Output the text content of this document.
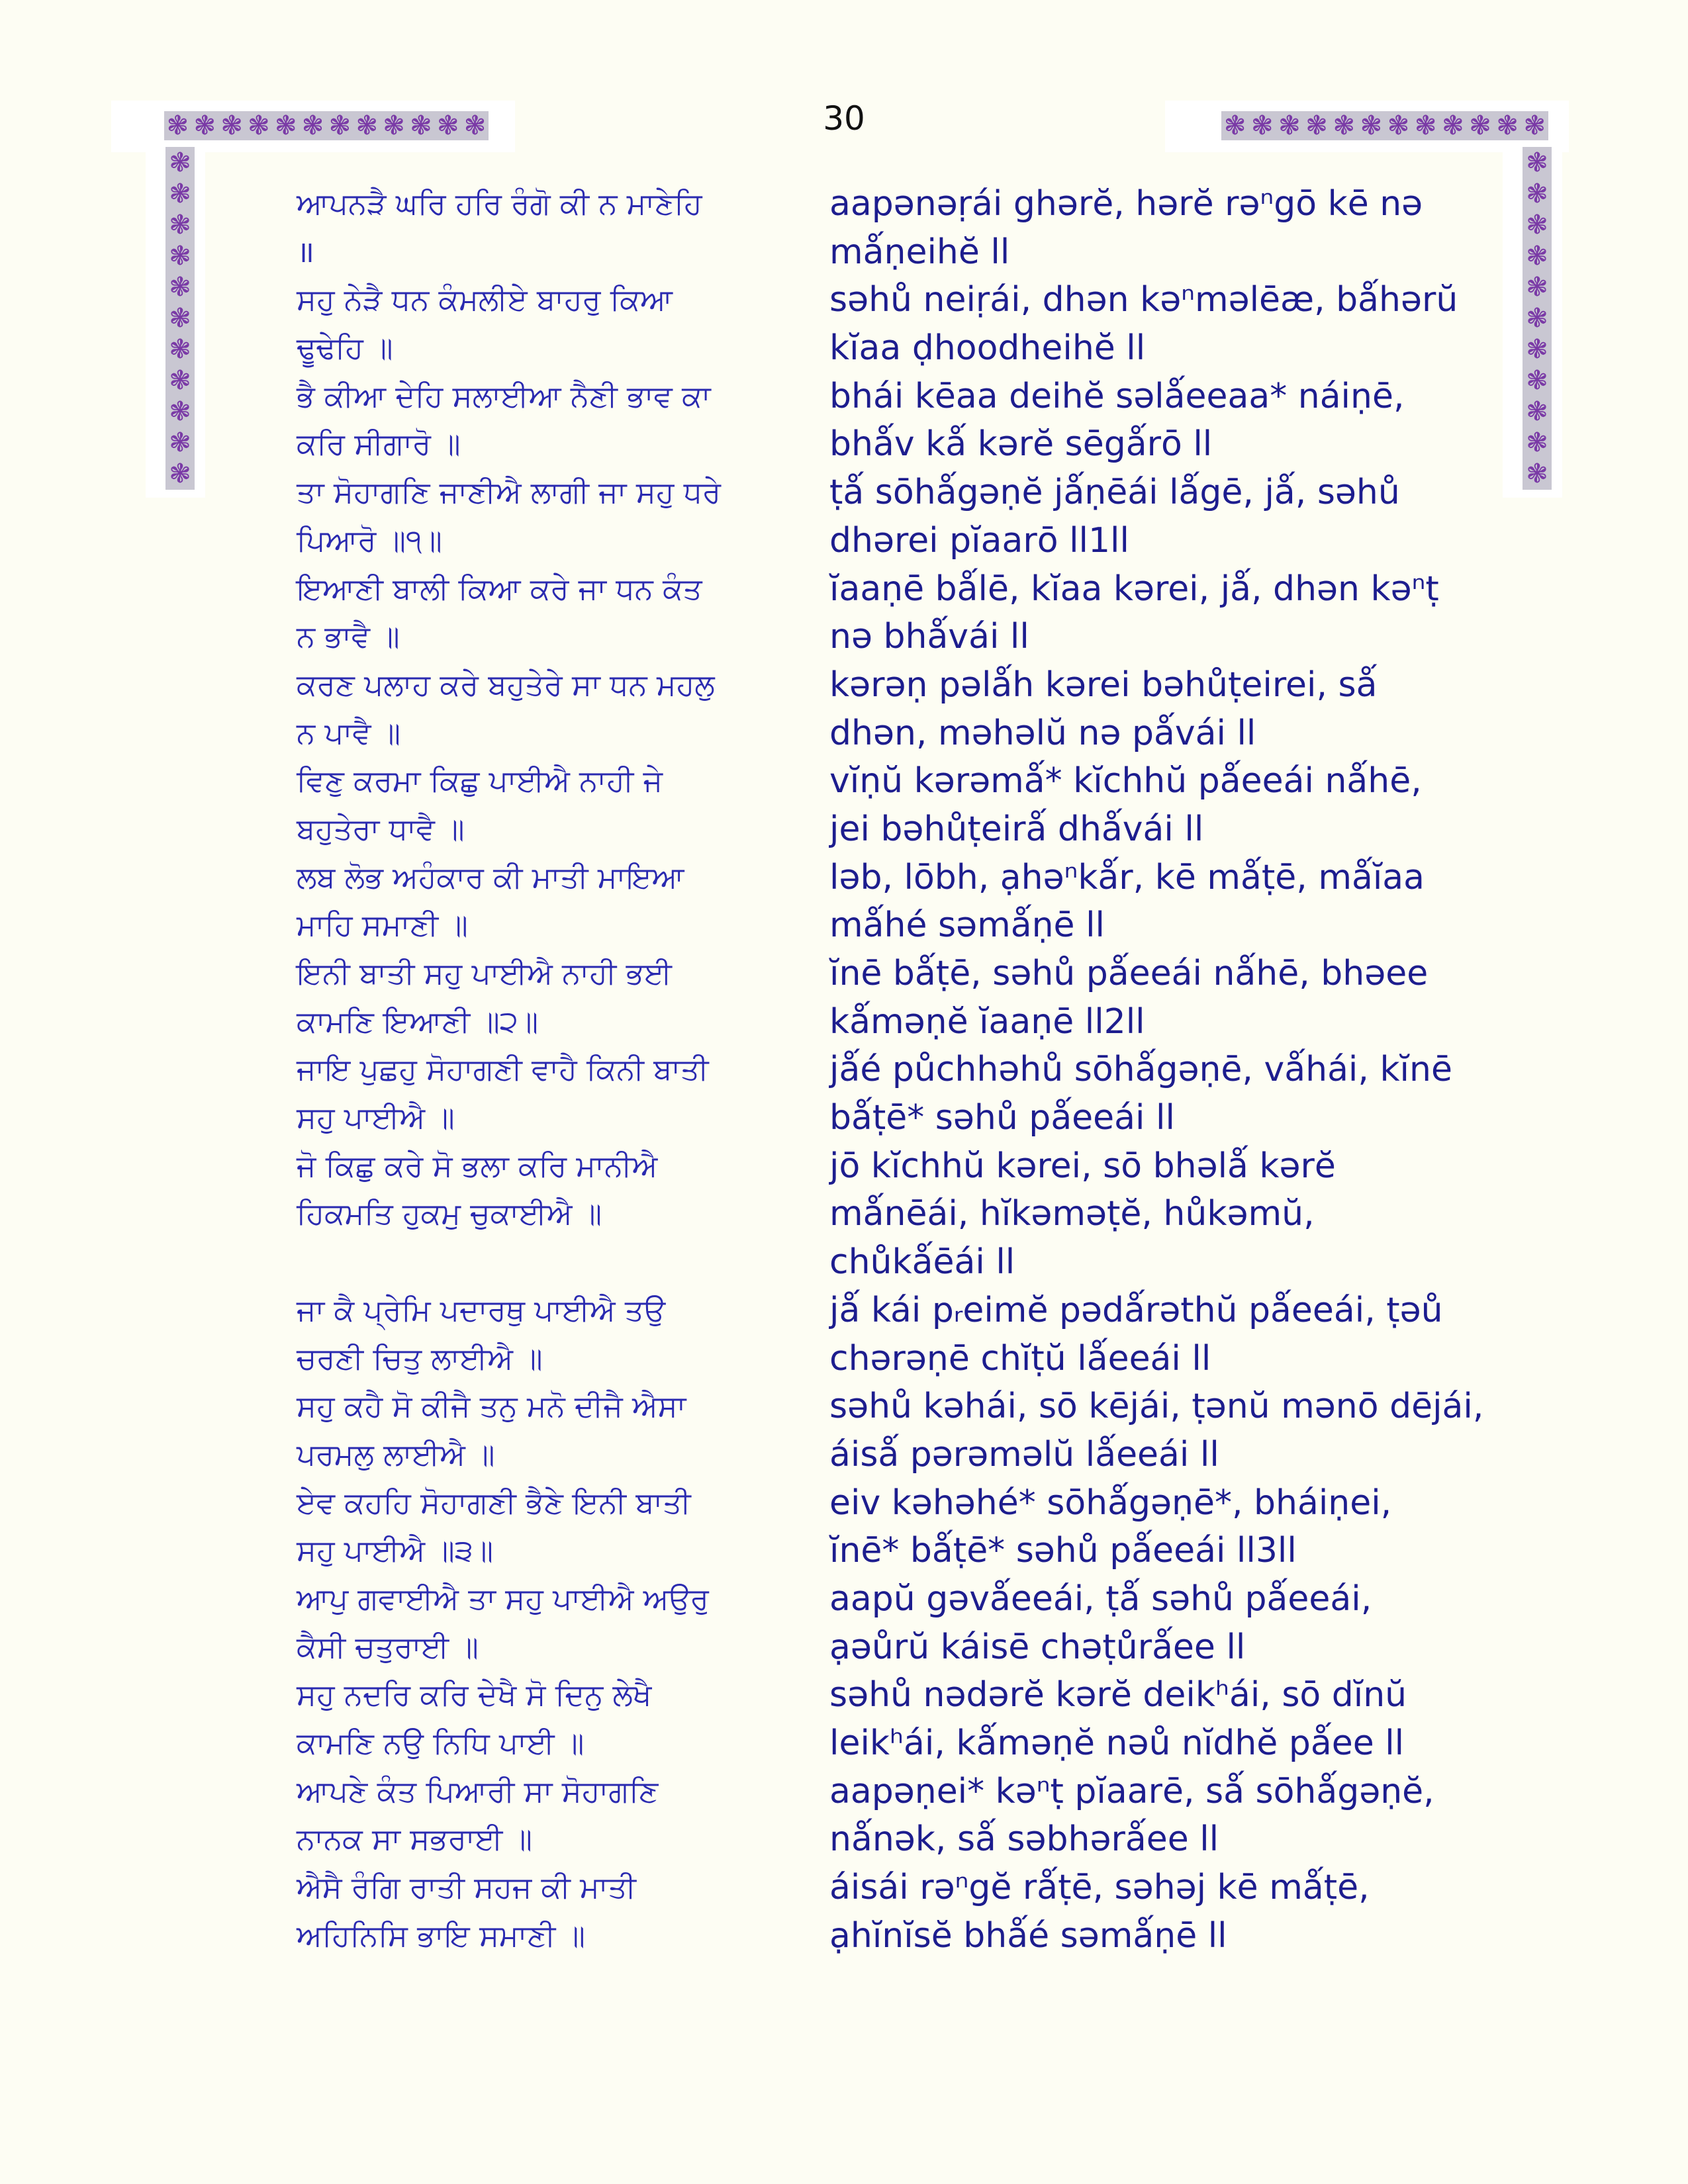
❃ ❃ ❃ ❃ ❃ ❃ ❃ ❃ ❃ ❃ ❃ ❃
❃
❃
❃
❃
❃
❃
❃
❃
❃
❃
❃
❃ ❃ ❃ ❃ ❃ ❃ ❃ ❃ ❃ ❃ ❃ ❃
❃
❃
❃
❃
❃
❃
❃
❃
❃
❃
❃
30
ਆਪਨੜੈ ਘਰਿ ਹਰਿ ਰੰਗੋ ਕੀ ਨ ਮਾਣੇਹਿ
॥
ਸਹੁ ਨੇੜੈ ਧਨ ਕੰਮਲੀਏ ਬਾਹਰੁ ਕਿਆ
ਢੂਢੇਹਿ ॥
ਭੈ ਕੀਆ ਦੇਹਿ ਸਲਾਈਆ ਨੈਣੀ ਭਾਵ ਕਾ
ਕਰਿ ਸੀਗਾਰੋ ॥
ਤਾ ਸੋਹਾਗਣਿ ਜਾਣੀਐ ਲਾਗੀ ਜਾ ਸਹੁ ਧਰੇ
ਪਿਆਰੋ ॥੧॥
ਇਆਣੀ ਬਾਲੀ ਕਿਆ ਕਰੇ ਜਾ ਧਨ ਕੰਤ
ਨ ਭਾਵੈ ॥
ਕਰਣ ਪਲਾਹ ਕਰੇ ਬਹੁਤੇਰੇ ਸਾ ਧਨ ਮਹਲੁ
ਨ ਪਾਵੈ ॥
ਵਿਣੁ ਕਰਮਾ ਕਿਛੁ ਪਾਈਐ ਨਾਹੀ ਜੇ
ਬਹੁਤੇਰਾ ਧਾਵੈ ॥
ਲਬ ਲੋਭ ਅਹੰਕਾਰ ਕੀ ਮਾਤੀ ਮਾਇਆ
ਮਾਹਿ ਸਮਾਣੀ ॥
ਇਨੀ ਬਾਤੀ ਸਹੁ ਪਾਈਐ ਨਾਹੀ ਭਈ
ਕਾਮਣਿ ਇਆਣੀ ॥੨॥
ਜਾਇ ਪੁਛਹੁ ਸੋਹਾਗਣੀ ਵਾਹੈ ਕਿਨੀ ਬਾਤੀ
ਸਹੁ ਪਾਈਐ ॥
ਜੋ ਕਿਛੁ ਕਰੇ ਸੋ ਭਲਾ ਕਰਿ ਮਾਨੀਐ
ਹਿਕਮਤਿ ਹੁਕਮੁ ਚੁਕਾਈਐ ॥
ਜਾ ਕੈ ਪ੍ਰੇਮਿ ਪਦਾਰਥੁ ਪਾਈਐ ਤਉ
ਚਰਣੀ ਚਿਤੁ ਲਾਈਐ ॥
ਸਹੁ ਕਹੈ ਸੋ ਕੀਜੈ ਤਨੁ ਮਨੋ ਦੀਜੈ ਐਸਾ
ਪਰਮਲੁ ਲਾਈਐ ॥
ਏਵ ਕਹਹਿ ਸੋਹਾਗਣੀ ਭੈਣੇ ਇਨੀ ਬਾਤੀ
ਸਹੁ ਪਾਈਐ ॥੩॥
ਆਪੁ ਗਵਾਈਐ ਤਾ ਸਹੁ ਪਾਈਐ ਅਉਰੁ
ਕੈਸੀ ਚਤੁਰਾਈ ॥
ਸਹੁ ਨਦਰਿ ਕਰਿ ਦੇਖੈ ਸੋ ਦਿਨੁ ਲੇਖੈ
ਕਾਮਣਿ ਨਉ ਨਿਧਿ ਪਾਈ ॥
ਆਪਣੇ ਕੰਤ ਪਿਆਰੀ ਸਾ ਸੋਹਾਗਣਿ
ਨਾਨਕ ਸਾ ਸਭਰਾਈ ॥
ਐਸੈ ਰੰਗਿ ਰਾਤੀ ਸਹਜ ਕੀ ਮਾਤੀ
ਅਹਿਨਿਸਿ ਭਾਇ ਸਮਾਣੀ ॥
aapənəṛái ghərĕ, hərĕ rəⁿgō kē nə
mǻṇeihĕ ll
səhů neiṛái, dhən kəⁿməlēæ, bǻhərŭ
kĭaa ḍhoodheihĕ ll
bhái kēaa deihĕ səlǻeeaa* náiṇē,
bhǻv kǻ kərĕ sēgǻrō ll
ṭǻ sōhǻgəṇĕ jǻṇēái lǻgē, jǻ, səhů
dhərei pĭaarō ll1ll
ĭaaṇē bǻlē, kĭaa kərei, jǻ, dhən kəⁿṭ
nə bhǻvái ll
kərəṇ pəlǻh kərei bəhůṭeirei, sǻ
dhən, məhəlŭ nə pǻvái ll
vĭṇŭ kərəmǻ* kĭchhŭ pǻeeái nǻhē,
jei bəhůṭeirǻ dhǻvái ll
ləb, lōbh, ạhəⁿkǻr, kē mǻṭē, mǻĭaa
mǻhé səmǻṇē ll
ĭnē bǻṭē, səhů pǻeeái nǻhē, bhəee
kǻməṇĕ ĭaaṇē ll2ll
jǻé půchhəhů sōhǻgəṇē, vǻhái, kĭnē
bǻṭē* səhů pǻeeái ll
jō kĭchhŭ kərei, sō bhəlǻ kərĕ
mǻnēái, hĭkəməṭĕ, hůkəmŭ,
chůkǻēái ll
jǻ kái pᵣeimĕ pədǻrəthŭ pǻeeái, ṭəů
chərəṇē chĭṭŭ lǻeeái ll
səhů kəhái, sō kējái, ṭənŭ mənō dējái,
áisǻ pərəməlŭ lǻeeái ll
eiv kəhəhé* sōhǻgəṇē*, bháiṇei,
ĭnē* bǻṭē* səhů pǻeeái ll3ll
aapŭ gəvǻeeái, ṭǻ səhů pǻeeái,
ạəůrŭ káisē chəṭůrǻee ll
səhů nədərĕ kərĕ deikʰái, sō dĭnŭ
leikʰái, kǻməṇĕ nəů nĭdhĕ pǻee ll
aapəṇei* kəⁿṭ pĭaarē, sǻ sōhǻgəṇĕ,
nǻnək, sǻ səbhərǻee ll
áisái rəⁿgĕ rǻṭē, səhəj kē mǻṭē,
ạhĭnĭsĕ bhǻé səmǻṇē ll
